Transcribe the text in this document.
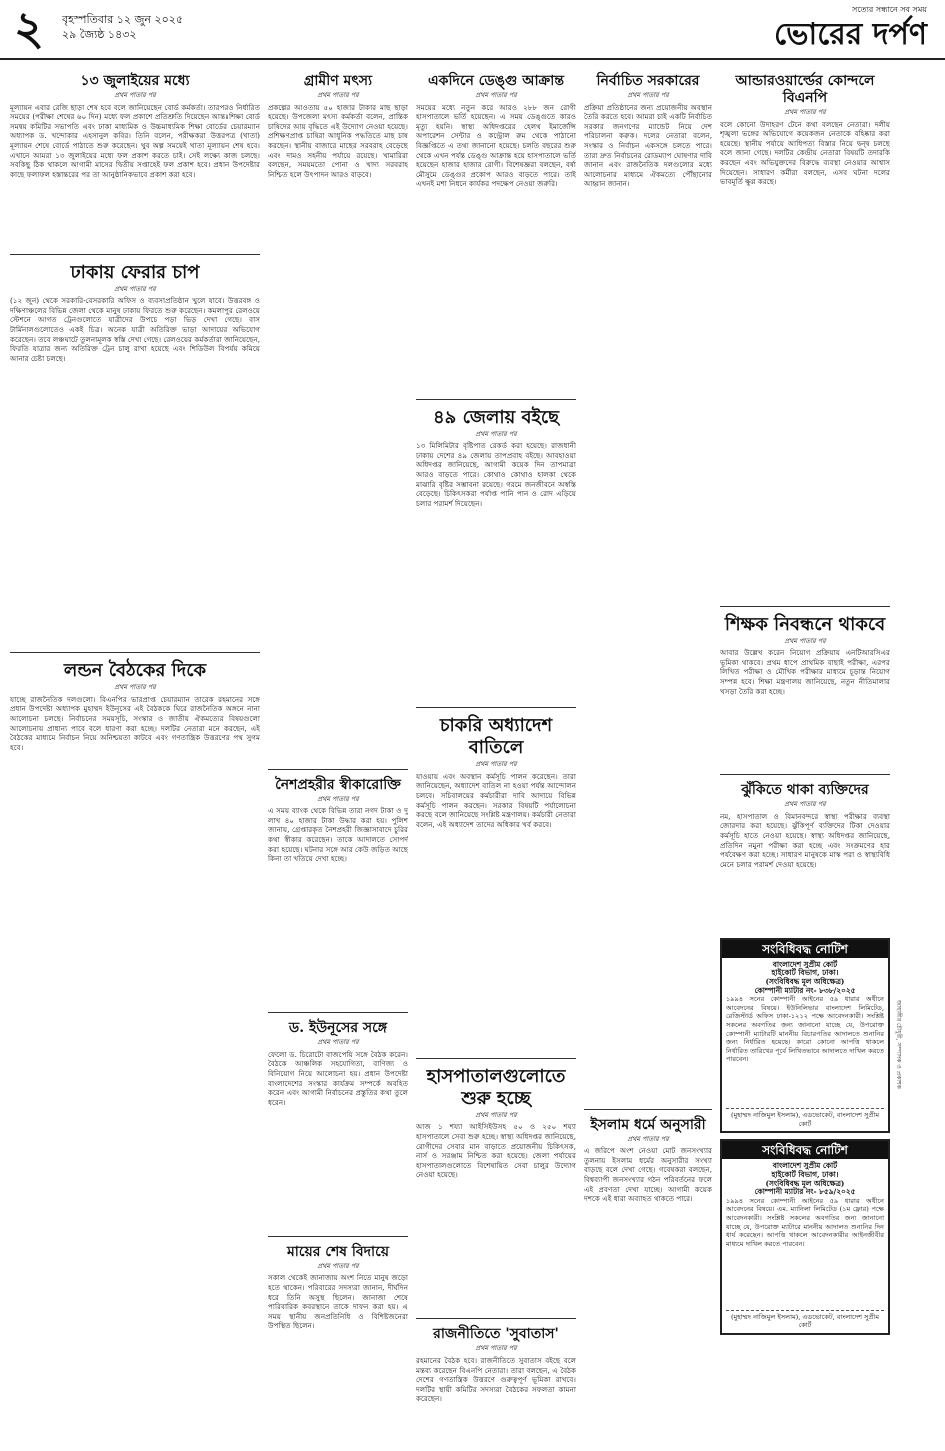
২ বৃহস্পতিবার ১২ জুন ২০২৫
২৯ জ্যৈষ্ঠ ১৪৩২
সত্যের সন্ধানে সব সময়
ভোরের দর্পণ
১৩ জুলাইয়ের মধ্যে
প্রথম পাতার পর
মূল্যায়ন এবার রেজি ছাড়া শেষ হবে বলে জানিয়েছেন বোর্ড কর্মকর্তা। তারপরও নির্ধারিত সময়ের (পরীক্ষা শেষের ৬০ দিন) মধ্যে ফল প্রকাশে প্রতিশ্রুতি দিয়েছেন আন্তঃশিক্ষা বোর্ড সমন্বয় কমিটির সভাপতি এবং ঢাকা মাধ্যমিক ও উচ্চমাধ্যমিক শিক্ষা বোর্ডের চেয়ারম্যান অধ্যাপক ড. খন্দোকার এহসানুল কবির। তিনি বলেন, পরীক্ষকরা উত্তরপত্র (খাতা) মূল্যায়ন শেষে বোর্ডে পাঠাতে শুরু করেছেন। খুব অল্প সময়েই খাতা মূল্যায়ন শেষ হবে। এখানে আমরা ১৩ জুলাইয়ের মধ্যে ফল প্রকাশ করতে চাই। সেই লক্ষ্যে কাজ চলছে। সবকিছু ঠিক থাকলে আগামী মাসের দ্বিতীয় সপ্তাহেই ফল প্রকাশ হবে। প্রধান উপদেষ্টার কাছে ফলাফল হস্তান্তরের পর তা আনুষ্ঠানিকভাবে প্রকাশ করা হবে।
ঢাকায় ফেরার চাপ
প্রথম পাতার পর
(১২ জুন) থেকে সরকারি-বেসরকারি অফিস ও ব্যবসাপ্রতিষ্ঠান খুলে যাবে। উত্তরবঙ্গ ও দক্ষিণাঞ্চলের বিভিন্ন জেলা থেকে মানুষ ঢাকায় ফিরতে শুরু করেছেন। কমলাপুর রেলওয়ে স্টেশনে আগত ট্রেনগুলোতে যাত্রীদের উপচে পড়া ভিড় দেখা গেছে। বাস টার্মিনালগুলোতেও একই চিত্র। অনেক যাত্রী অতিরিক্ত ভাড়া আদায়ের অভিযোগ করেছেন। তবে লঞ্চঘাটে তুলনামূলক স্বস্তি দেখা গেছে। রেলওয়ের কর্মকর্তারা জানিয়েছেন, ফিরতি যাত্রার জন্য অতিরিক্ত ট্রেন চালু রাখা হয়েছে এবং শিডিউল বিপর্যয় কমিয়ে আনার চেষ্টা চলছে।
লন্ডন বৈঠকের দিকে
প্রথম পাতার পর
যাচ্ছে রাজনৈতিক দলগুলো। বিএনপির ভারপ্রাপ্ত চেয়ারম্যান তারেক রহমানের সঙ্গে প্রধান উপদেষ্টা অধ্যাপক মুহাম্মদ ইউনূসের এই বৈঠককে ঘিরে রাজনৈতিক অঙ্গনে নানা আলোচনা চলছে। নির্বাচনের সময়সূচি, সংস্কার ও জাতীয় ঐকমত্যের বিষয়গুলো আলোচনায় প্রাধান্য পাবে বলে ধারণা করা হচ্ছে। দলটির নেতারা মনে করছেন, এই বৈঠকের মাধ্যমে নির্বাচন নিয়ে অনিশ্চয়তা কাটবে এবং গণতান্ত্রিক উত্তরণের পথ সুগম হবে।
গ্রামীণ মৎস্য
প্রথম পাতার পর
প্রকল্পের আওতায় ৫০ হাজার টাকার মাছ ছাড়া হয়েছে। উপজেলা মৎস্য কর্মকর্তা বলেন, প্রান্তিক চাষিদের আয় বৃদ্ধিতে এই উদ্যোগ নেওয়া হয়েছে। প্রশিক্ষণপ্রাপ্ত চাষিরা আধুনিক পদ্ধতিতে মাছ চাষ করছেন। স্থানীয় বাজারে মাছের সরবরাহ বেড়েছে এবং দামও সহনীয় পর্যায়ে রয়েছে। খামারিরা বলছেন, সময়মতো পোনা ও খাদ্য সরবরাহ নিশ্চিত হলে উৎপাদন আরও বাড়বে।
নৈশপ্রহরীর স্বীকারোক্তি
প্রথম পাতার পর
এ সময় ব্যাংক থেকে বিভিন্ন তারা নগদ টাকা ও দু লাখ ৪০ হাজার টাকা উদ্ধার করা হয়। পুলিশ জানায়, গ্রেপ্তারকৃত নৈশপ্রহরী জিজ্ঞাসাবাদে চুরির কথা স্বীকার করেছেন। তাকে আদালতে সোপর্দ করা হয়েছে। ঘটনার সঙ্গে আর কেউ জড়িত আছে কিনা তা খতিয়ে দেখা হচ্ছে।
ড. ইউনূসের সঙ্গে
প্রথম পাতার পর
ফেলো ড. চিরোটো বাজপেয়ি সঙ্গে বৈঠক করেন। বৈঠকে আঞ্চলিক সহযোগিতা, বাণিজ্য ও বিনিয়োগ নিয়ে আলোচনা হয়। প্রধান উপদেষ্টা বাংলাদেশের সংস্কার কার্যক্রম সম্পর্কে অবহিত করেন এবং আগামী নির্বাচনের প্রস্তুতির কথা তুলে ধরেন।
মায়ের শেষ বিদায়ে
প্রথম পাতার পর
সকাল থেকেই জানাজায় অংশ নিতে মানুষ জড়ো হতে থাকেন। পরিবারের সদস্যরা জানান, দীর্ঘদিন ধরে তিনি অসুস্থ ছিলেন। জানাজা শেষে পারিবারিক কবরস্থানে তাকে দাফন করা হয়। এ সময় স্থানীয় জনপ্রতিনিধি ও বিশিষ্টজনেরা উপস্থিত ছিলেন।
একদিনে ডেঙ্গু আক্রান্ত
প্রথম পাতার পর
সময়ের মধ্যে নতুন করে আরও ২৮৮ জন রোগী হাসপাতালে ভর্তি হয়েছেন। এ সময় ডেঙ্গুতে কারও মৃত্যু হয়নি। স্বাস্থ্য অধিদপ্তরের হেলথ ইমার্জেন্সি অপারেশন সেন্টার ও কন্ট্রোল রুম থেকে পাঠানো বিজ্ঞপ্তিতে এ তথ্য জানানো হয়েছে। চলতি বছরের শুরু থেকে এখন পর্যন্ত ডেঙ্গু আক্রান্ত হয়ে হাসপাতালে ভর্তি হয়েছেন হাজার হাজার রোগী। বিশেষজ্ঞরা বলছেন, বর্ষা মৌসুমে ডেঙ্গুর প্রকোপ আরও বাড়তে পারে। তাই এখনই মশা নিধনে কার্যকর পদক্ষেপ নেওয়া জরুরি।
৪৯ জেলায় বইছে
প্রথম পাতার পর
১৩ মিলিমিটার বৃষ্টিপাত রেকর্ড করা হয়েছে। রাজধানী ঢাকায় দেশের ৪৯ জেলায় তাপপ্রবাহ বইছে। আবহাওয়া অধিদপ্তর জানিয়েছে, আগামী কয়েক দিন তাপমাত্রা আরও বাড়তে পারে। কোথাও কোথাও হালকা থেকে মাঝারি বৃষ্টির সম্ভাবনা রয়েছে। গরমে জনজীবনে অস্বস্তি বেড়েছে। চিকিৎসকরা পর্যাপ্ত পানি পান ও রোদ এড়িয়ে চলার পরামর্শ দিয়েছেন।
চাকরি অধ্যাদেশ বাতিলে
প্রথম পাতার পর
যাওয়ায় এবং অবস্থান কর্মসূচি পালন করেছেন। তারা জানিয়েছেন, অধ্যাদেশ বাতিল না হওয়া পর্যন্ত আন্দোলন চলবে। সচিবালয়ের কর্মচারীরা দাবি আদায়ে বিভিন্ন কর্মসূচি পালন করছেন। সরকার বিষয়টি পর্যালোচনা করছে বলে জানিয়েছে সংশ্লিষ্ট মন্ত্রণালয়। কর্মচারী নেতারা বলেন, এই অধ্যাদেশ তাদের অধিকার খর্ব করবে।
হাসপাতালগুলোতে শুরু হচ্ছে
প্রথম পাতার পর
আজ ১ শয্যা আইসিইউসহ ৫০ ও ২৫০ শয্যা হাসপাতালে সেবা শুরু হচ্ছে। স্বাস্থ্য অধিদপ্তর জানিয়েছে, রোগীদের সেবার মান বাড়াতে প্রয়োজনীয় চিকিৎসক, নার্স ও সরঞ্জাম নিশ্চিত করা হয়েছে। জেলা পর্যায়ের হাসপাতালগুলোতে বিশেষায়িত সেবা চালুর উদ্যোগ নেওয়া হয়েছে।
রাজনীতিতে 'সুবাতাস'
প্রথম পাতার পর
রহমানের বৈঠক হবে। রাজনীতিতে সুবাতাস বইছে বলে মন্তব্য করেছেন বিএনপি নেতারা। তারা বলছেন, এ বৈঠক দেশের গণতান্ত্রিক উত্তরণে গুরুত্বপূর্ণ ভূমিকা রাখবে। দলটির স্থায়ী কমিটির সদস্যরা বৈঠকের সফলতা কামনা করেছেন।
নির্বাচিত সরকারের
প্রথম পাতার পর
প্রক্রিয়া প্রতিষ্ঠানের জন্য প্রয়োজনীয় অবস্থান তৈরি করতে হবে। আমরা চাই একটি নির্বাচিত সরকার জনগণের ম্যান্ডেট নিয়ে দেশ পরিচালনা করুক। দলের নেতারা বলেন, সংস্কার ও নির্বাচন একসঙ্গে চলতে পারে। তারা দ্রুত নির্বাচনের রোডম্যাপ ঘোষণার দাবি জানান এবং রাজনৈতিক দলগুলোর মধ্যে আলোচনার মাধ্যমে ঐকমত্যে পৌঁছানোর আহ্বান জানান।
ইসলাম ধর্মে অনুসারী
প্রথম পাতার পর
এ জরিপে অংশ নেওয়া মোট জনসংখ্যার তুলনায় ইসলাম ধর্মের অনুসারীর সংখ্যা বাড়ছে বলে দেখা গেছে। গবেষকরা বলছেন, বিশ্বব্যাপী জনসংখ্যার গঠন পরিবর্তনের ফলে এই প্রবণতা দেখা যাচ্ছে। আগামী কয়েক দশকে এই ধারা অব্যাহত থাকতে পারে।
আন্ডারওয়ার্ল্ডের কোন্দলে বিএনপি
প্রথম পাতার পর
বলে কোনো উদাহরণ টেনে কথা বলছেন নেতারা। দলীয় শৃঙ্খলা ভঙ্গের অভিযোগে কয়েকজন নেতাকে বহিষ্কার করা হয়েছে। স্থানীয় পর্যায়ে আধিপত্য বিস্তার নিয়ে দ্বন্দ্ব চলছে বলে জানা গেছে। দলটির কেন্দ্রীয় নেতারা বিষয়টি তদারকি করছেন এবং অভিযুক্তদের বিরুদ্ধে ব্যবস্থা নেওয়ার আশ্বাস দিয়েছেন। সাধারণ কর্মীরা বলছেন, এসব ঘটনা দলের ভাবমূর্তি ক্ষুণ্ণ করছে।
শিক্ষক নিবন্ধনে থাকবে
প্রথম পাতার পর
আবার উল্লেখ করেন নিয়োগ প্রক্রিয়ায় এনটিআরসিএর ভূমিকা থাকবে। প্রথম ধাপে প্রাথমিক বাছাই পরীক্ষা, এরপর লিখিত পরীক্ষা ও মৌখিক পরীক্ষার মাধ্যমে চূড়ান্ত নিয়োগ সম্পন্ন হবে। শিক্ষা মন্ত্রণালয় জানিয়েছে, নতুন নীতিমালার খসড়া তৈরি করা হচ্ছে।
ঝুঁকিতে থাকা ব্যক্তিদের
প্রথম পাতার পর
নম, হাসপাতাল ও বিমানবন্দরে স্বাস্থ্য পরীক্ষার ব্যবস্থা জোরদার করা হয়েছে। ঝুঁকিপূর্ণ ব্যক্তিদের টিকা দেওয়ার কর্মসূচি হাতে নেওয়া হয়েছে। স্বাস্থ্য অধিদপ্তর জানিয়েছে, প্রতিদিন নমুনা পরীক্ষা করা হচ্ছে এবং সংক্রমণের হার পর্যবেক্ষণ করা হচ্ছে। সাধারণ মানুষকে মাস্ক পরা ও স্বাস্থ্যবিধি মেনে চলার পরামর্শ দেওয়া হয়েছে।
সংবিধিবদ্ধ নোটিশ
বাংলাদেশ সুপ্রীম কোর্ট
হাইকোর্ট বিভাগ, ঢাকা।
(সংবিধিবদ্ধ মূল অধিক্ষেত্র)
কোম্পানী ম্যাটার নং- ৮৩৮/২০২৫
১৯৯৪ সনের কোম্পানী আইনের ৫৯ ধারার অধীনে আবেদনের বিষয়ে। ইউনিলিভার বাংলাদেশ লিমিটেড, রেজিস্টার্ড অফিস ঢাকা-১২১২ পক্ষে আবেদনকারী। সংশ্লিষ্ট সকলের অবগতির জন্য জানানো যাচ্ছে যে, উপরোক্ত কোম্পানী ম্যাটারটি মাননীয় বিচারপতির আদালতে শুনানির জন্য নির্ধারিত হয়েছে। কারো কোনো আপত্তি থাকলে নির্ধারিত তারিখের পূর্বে লিখিতভাবে আদালতে দাখিল করতে পারবেন।
(মুহাম্মদ নাজিমুল ইসলাম), এডভোকেট, বাংলাদেশ সুপ্রীম কোর্ট
সংবিধিবদ্ধ নোটিশ
বাংলাদেশ সুপ্রীম কোর্ট
হাইকোর্ট বিভাগ, ঢাকা।
(সংবিধিবদ্ধ মূল অধিক্ষেত্র)
কোম্পানী ম্যাটার নং- ৮৫৯/২০২৫
১৯৯৪ সনের কোম্পানী আইনের ৫৯ ধারার অধীনে আবেদনের বিষয়ে। এম. ম্যানিলা লিমিটেড (১ম ফ্লোর) পক্ষে আবেদনকারী। সংশ্লিষ্ট সকলের অবগতির জন্য জানানো যাচ্ছে যে, উপরোক্ত ম্যাটারে মাননীয় আদালত শুনানির দিন ধার্য করেছেন। আপত্তি থাকলে আবেদনকারীর আইনজীবীর মাধ্যমে দাখিল করতে পারবেন।
(মুহাম্মদ নাজিমুল ইসলাম), এডভোকেট, বাংলাদেশ সুপ্রীম কোর্ট
জাহাঙ্গীর চৌধুরী, সম্পাদক ও প্রকাশক
